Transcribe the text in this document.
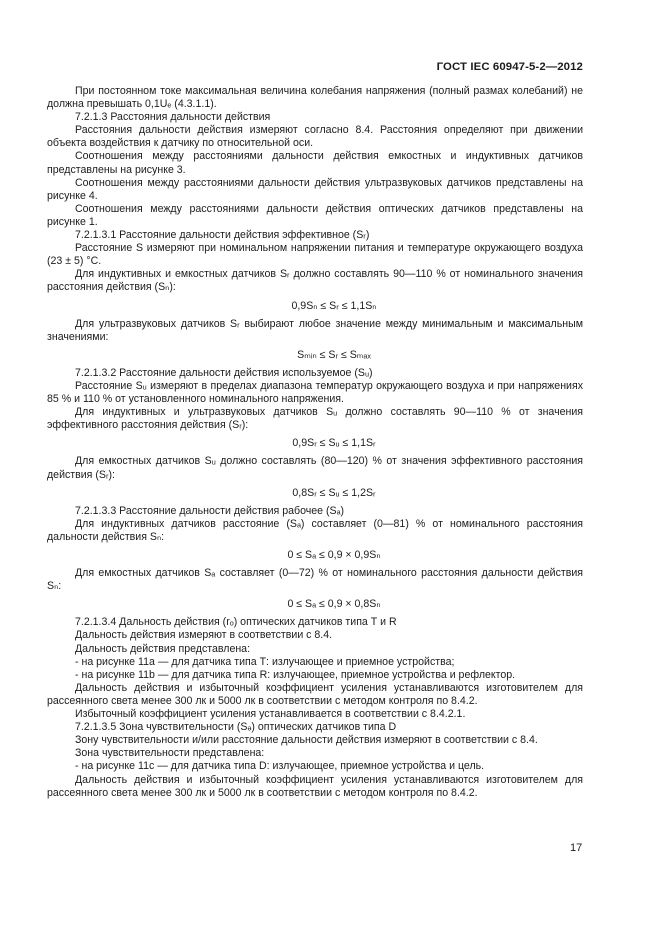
ГОСТ IEC 60947-5-2—2012

При постоянном токе максимальная величина колебания напряжения (полный размах колебаний) не должна превышать 0,1Uₑ (4.3.1.1).

7.2.1.3 Расстояния дальности действия

Расстояния дальности действия измеряют согласно 8.4. Расстояния определяют при движении объекта воздействия к датчику по относительной оси.

Соотношения между расстояниями дальности действия емкостных и индуктивных датчиков представлены на рисунке 3.

Соотношения между расстояниями дальности действия ультразвуковых датчиков представлены на рисунке 4.

Соотношения между расстояниями дальности действия оптических датчиков представлены на рисунке 1.

7.2.1.3.1 Расстояние дальности действия эффективное (Sᵣ)

Расстояние S измеряют при номинальном напряжении питания и температуре окружающего воздуха (23 ± 5) °С.

Для индуктивных и емкостных датчиков Sᵣ должно составлять 90—110 % от номинального значения расстояния действия (Sₙ):

0,9Sₙ ≤ Sᵣ ≤ 1,1Sₙ

Для ультразвуковых датчиков Sᵣ выбирают любое значение между минимальным и максимальным значениями:

Sₘᵢₙ ≤ Sᵣ ≤ Sₘₐₓ

7.2.1.3.2 Расстояние дальности действия используемое (Sᵤ)

Расстояние Sᵤ измеряют в пределах диапазона температур окружающего воздуха и при напряжениях 85 % и 110 % от установленного номинального напряжения.

Для индуктивных и ультразвуковых датчиков Sᵤ должно составлять 90—110 % от значения эффективного расстояния действия (Sᵣ):

0,9Sᵣ ≤ Sᵤ ≤ 1,1Sᵣ

Для емкостных датчиков Sᵤ должно составлять (80—120) % от значения эффективного расстояния действия (Sᵣ):

0,8Sᵣ ≤ Sᵤ ≤ 1,2Sᵣ

7.2.1.3.3 Расстояние дальности действия рабочее (Sₐ)

Для индуктивных датчиков расстояние (Sₐ) составляет (0—81) % от номинального расстояния дальности действия Sₙ:

0 ≤ Sₐ ≤ 0,9 × 0,9Sₙ

Для емкостных датчиков Sₐ составляет (0—72) % от номинального расстояния дальности действия Sₙ:

0 ≤ Sₐ ≤ 0,9 × 0,8Sₙ

7.2.1.3.4 Дальность действия (rₒ) оптических датчиков типа Т и R

Дальность действия измеряют в соответствии с 8.4.

Дальность действия представлена:

- на рисунке 11а — для датчика типа Т: излучающее и приемное устройства;

- на рисунке 11b — для датчика типа R: излучающее, приемное устройства и рефлектор.

Дальность действия и избыточный коэффициент усиления устанавливаются изготовителем для рассеянного света менее 300 лк и 5000 лк в соответствии с методом контроля по 8.4.2.

Избыточный коэффициент усиления устанавливается в соответствии с 8.4.2.1.

7.2.1.3.5 Зона чувствительности (Sₔ) оптических датчиков типа D

Зону чувствительности и/или расстояние дальности действия измеряют в соответствии с 8.4.

Зона чувствительности представлена:

- на рисунке 11с — для датчика типа D: излучающее, приемное устройства и цель.

Дальность действия и избыточный коэффициент усиления устанавливаются изготовителем для рассеянного света менее 300 лк и 5000 лк в соответствии с методом контроля по 8.4.2.

17
